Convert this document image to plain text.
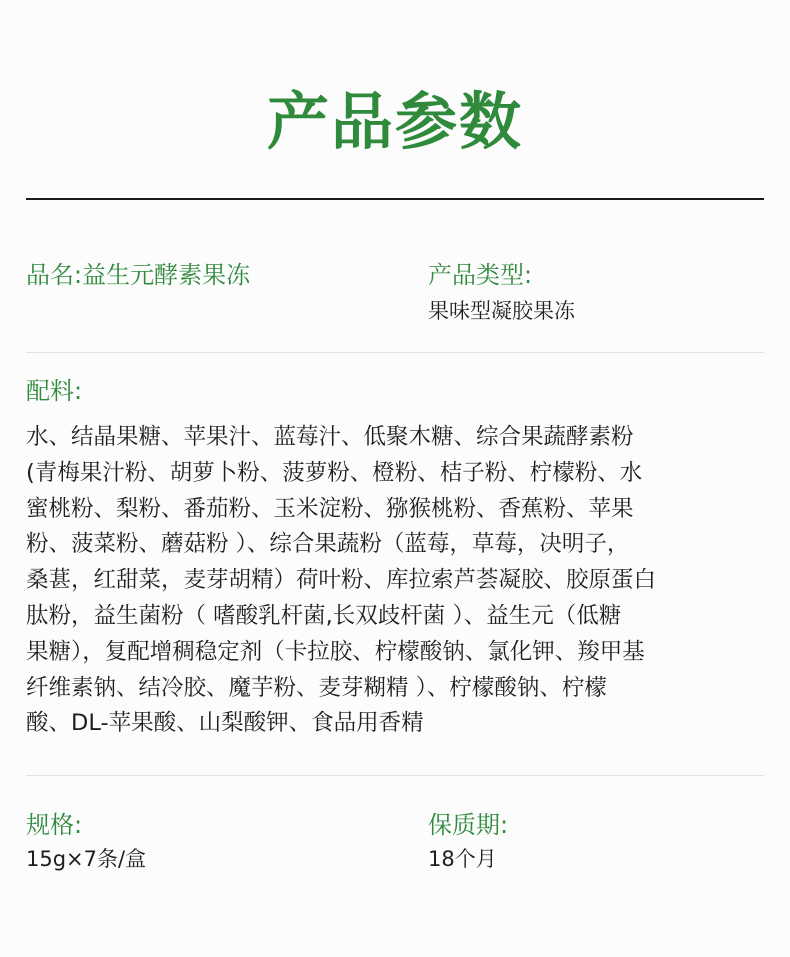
产品参数
品名:益生元酵素果冻	产品类型:
果味型凝胶果冻
配料:
水、结晶果糖、苹果汁、蓝莓汁、低聚木糖、综合果蔬酵素粉
(青梅果汁粉、胡萝卜粉、菠萝粉、橙粉、桔子粉、柠檬粉、水
蜜桃粉、梨粉、番茄粉、玉米淀粉、猕猴桃粉、香蕉粉、苹果
粉、菠菜粉、蘑菇粉 ）、综合果蔬粉（蓝莓，草莓，决明子，
桑葚，红甜菜，麦芽胡精）荷叶粉、库拉索芦荟凝胶、胶原蛋白
肽粉，益生菌粉（ 嗜酸乳杆菌,长双歧杆菌 ）、益生元（低糖
果糖），复配增稠稳定剂（卡拉胶、柠檬酸钠、氯化钾、羧甲基
纤维素钠、结冷胶、魔芋粉、麦芽糊精 ）、柠檬酸钠、柠檬
酸、DL-苹果酸、山梨酸钾、食品用香精
规格:
15g×7条/盒
保质期:
18个月
